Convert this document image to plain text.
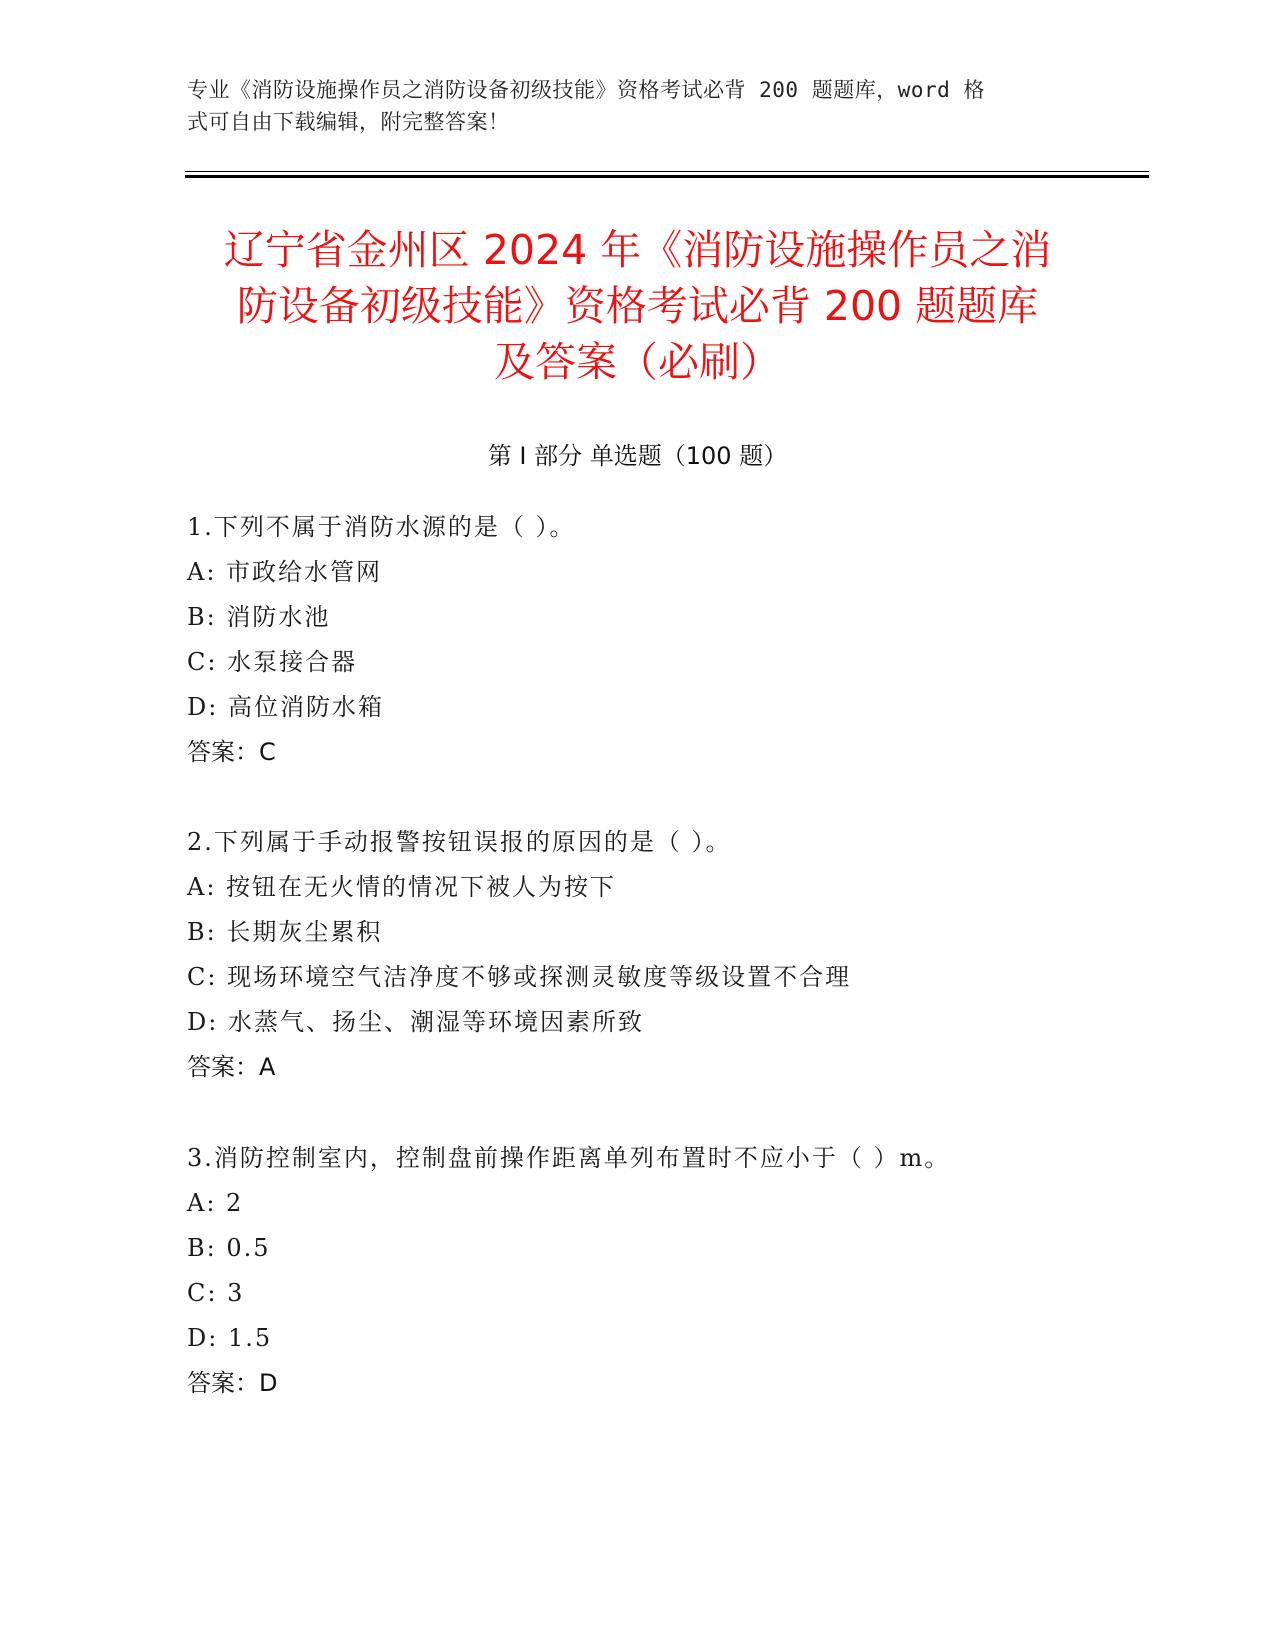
专业《消防设施操作员之消防设备初级技能》资格考试必背 200 题题库，word 格
式可自由下载编辑，附完整答案！
辽宁省金州区 2024 年《消防设施操作员之消
防设备初级技能》资格考试必背 200 题题库
及答案（必刷）
第 I 部分 单选题（100 题）
1.下列不属于消防水源的是（ ）。
A: 市政给水管网
B: 消防水池
C: 水泵接合器
D: 高位消防水箱
答案：C
2.下列属于手动报警按钮误报的原因的是（ ）。
A: 按钮在无火情的情况下被人为按下
B: 长期灰尘累积
C: 现场环境空气洁净度不够或探测灵敏度等级设置不合理
D: 水蒸气、扬尘、潮湿等环境因素所致
答案：A
3.消防控制室内，控制盘前操作距离单列布置时不应小于（ ）m。
A: 2
B: 0.5
C: 3
D: 1.5
答案：D
